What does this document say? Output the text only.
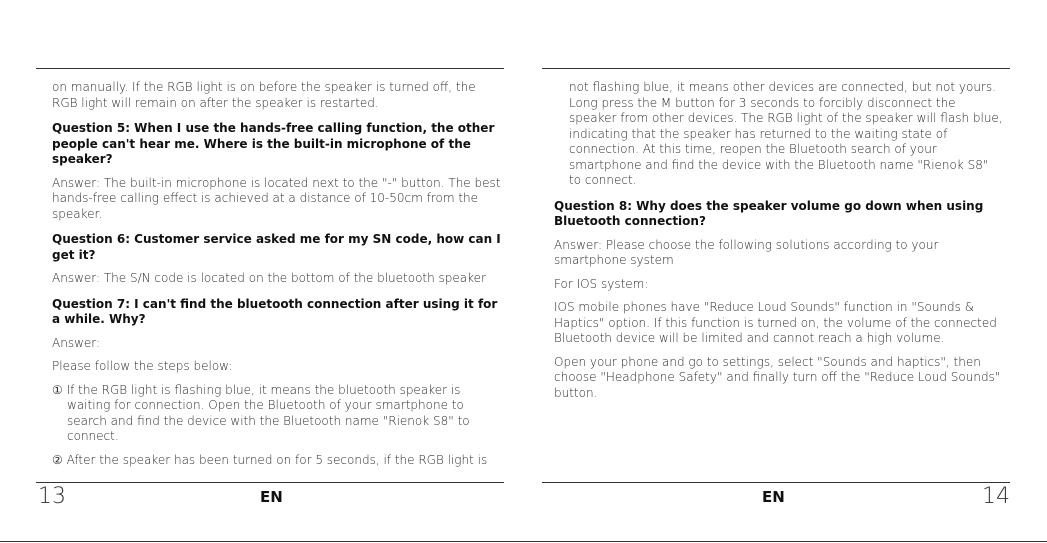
on manually. If the RGB light is on before the speaker is turned off, the RGB light will remain on after the speaker is restarted.

Question 5: When I use the hands-free calling function, the other people can't hear me. Where is the built-in microphone of the speaker?

Answer: The built-in microphone is located next to the "-" button. The best hands-free calling effect is achieved at a distance of 10-50cm from the speaker.

Question 6: Customer service asked me for my SN code, how can I get it?

Answer: The S/N code is located on the bottom of the bluetooth speaker

Question 7: I can't find the bluetooth connection after using it for a while. Why?

Answer:

Please follow the steps below:

① If the RGB light is flashing blue, it means the bluetooth speaker is waiting for connection. Open the Bluetooth of your smartphone to search and find the device with the Bluetooth name "Rienok S8" to connect.

② After the speaker has been turned on for 5 seconds, if the RGB light is

13	EN

not flashing blue, it means other devices are connected, but not yours. Long press the M button for 3 seconds to forcibly disconnect the speaker from other devices. The RGB light of the speaker will flash blue, indicating that the speaker has returned to the waiting state of connection. At this time, reopen the Bluetooth search of your smartphone and find the device with the Bluetooth name "Rienok S8" to connect.

Question 8: Why does the speaker volume go down when using Bluetooth connection?

Answer: Please choose the following solutions according to your smartphone system

For IOS system:

IOS mobile phones have "Reduce Loud Sounds" function in "Sounds & Haptics" option. If this function is turned on, the volume of the connected Bluetooth device will be limited and cannot reach a high volume.

Open your phone and go to settings, select "Sounds and haptics", then choose "Headphone Safety" and finally turn off the "Reduce Loud Sounds" button.

EN	14
